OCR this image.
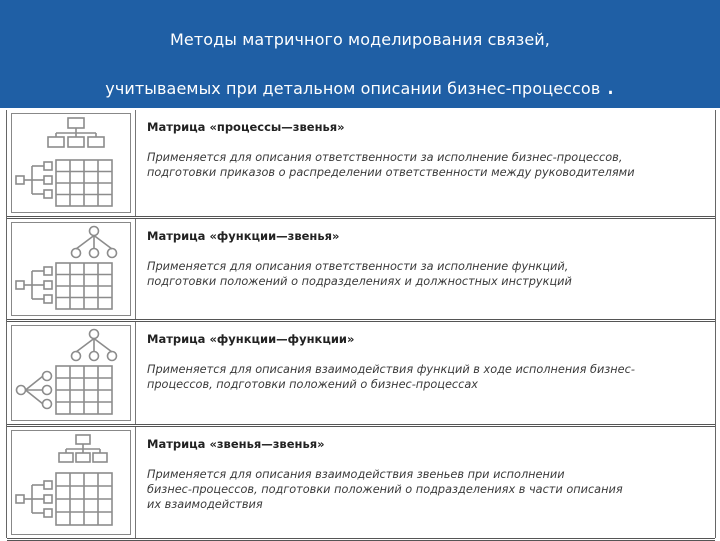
Методы матричного моделирования связей,
учитываемых при детальном описании бизнес-процессов .
Матрица «процессы—звенья»
Применяется для описания ответственности за исполнение бизнес-процессов,
подготовки приказов о распределении ответственности между руководителями
Матрица «функции—звенья»
Применяется для описания ответственности за исполнение функций,
подготовки положений о подразделениях и должностных инструкций
Матрица «функции—функции»
Применяется для описания взаимодействия функций в ходе исполнения бизнес-
процессов, подготовки положений о бизнес-процессах
Матрица «звенья—звенья»
Применяется для описания взаимодействия звеньев при исполнении
бизнес-процессов, подготовки положений о подразделениях в части описания
их взаимодействия
